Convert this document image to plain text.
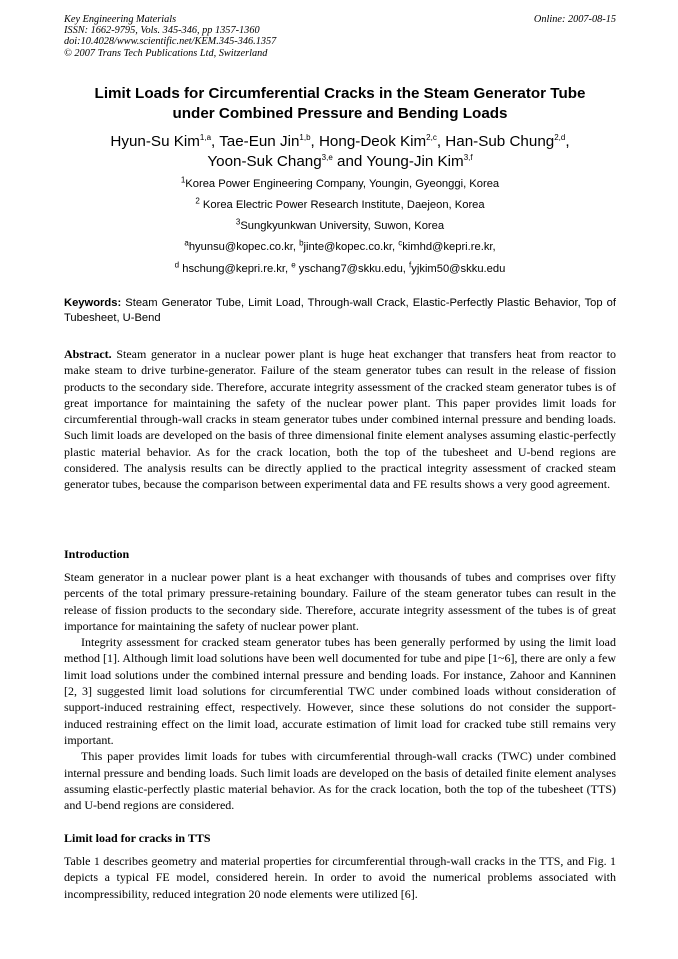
Key Engineering Materials
ISSN: 1662-9795, Vols. 345-346, pp 1357-1360
doi:10.4028/www.scientific.net/KEM.345-346.1357
© 2007 Trans Tech Publications Ltd, Switzerland
Online: 2007-08-15
Limit Loads for Circumferential Cracks in the Steam Generator Tube
under Combined Pressure and Bending Loads
Hyun-Su Kim$^{1,a}$, Tae-Eun Jin$^{1,b}$, Hong-Deok Kim$^{2,c}$, Han-Sub Chung$^{2,d}$,
Yoon-Suk Chang$^{3,e}$ and Young-Jin Kim$^{3,f}$
$^1$Korea Power Engineering Company, Youngin, Gyeonggi, Korea
$^2$ Korea Electric Power Research Institute, Daejeon, Korea
$^3$Sungkyunkwan University, Suwon, Korea
$^a$hyunsu@kopec.co.kr, $^b$jinte@kopec.co.kr, $^c$kimhd@kepri.re.kr,
$^d$ hschung@kepri.re.kr, $^e$ yschang7@skku.edu, $^f$yjkim50@skku.edu
Keywords: Steam Generator Tube, Limit Load, Through-wall Crack, Elastic-Perfectly Plastic Behavior, Top of Tubesheet, U-Bend
Abstract. Steam generator in a nuclear power plant is huge heat exchanger that transfers heat from reactor to make steam to drive turbine-generator. Failure of the steam generator tubes can result in the release of fission products to the secondary side. Therefore, accurate integrity assessment of the cracked steam generator tubes is of great importance for maintaining the safety of the nuclear power plant. This paper provides limit loads for circumferential through-wall cracks in steam generator tubes under combined internal pressure and bending loads. Such limit loads are developed on the basis of three dimensional finite element analyses assuming elastic-perfectly plastic material behavior. As for the crack location, both the top of the tubesheet and U-bend regions are considered. The analysis results can be directly applied to the practical integrity assessment of cracked steam generator tubes, because the comparison between experimental data and FE results shows a very good agreement.
Introduction
Steam generator in a nuclear power plant is a heat exchanger with thousands of tubes and comprises over fifty percents of the total primary pressure-retaining boundary. Failure of the steam generator tubes can result in the release of fission products to the secondary side. Therefore, accurate integrity assessment of the tubes is of great importance for maintaining the safety of nuclear power plant.
Integrity assessment for cracked steam generator tubes has been generally performed by using the limit load method [1]. Although limit load solutions have been well documented for tube and pipe [1~6], there are only a few limit load solutions under the combined internal pressure and bending loads. For instance, Zahoor and Kanninen [2, 3] suggested limit load solutions for circumferential TWC under combined loads without consideration of support-induced restraining effect, respectively. However, since these solutions do not consider the support-induced restraining effect on the limit load, accurate estimation of limit load for cracked tube still remains very important.
This paper provides limit loads for tubes with circumferential through-wall cracks (TWC) under combined internal pressure and bending loads. Such limit loads are developed on the basis of detailed finite element analyses assuming elastic-perfectly plastic material behavior. As for the crack location, both the top of the tubesheet (TTS) and U-bend regions are considered.
Limit load for cracks in TTS
Table 1 describes geometry and material properties for circumferential through-wall cracks in the TTS, and Fig. 1 depicts a typical FE model, considered herein. In order to avoid the numerical problems associated with incompressibility, reduced integration 20 node elements were utilized [6].
